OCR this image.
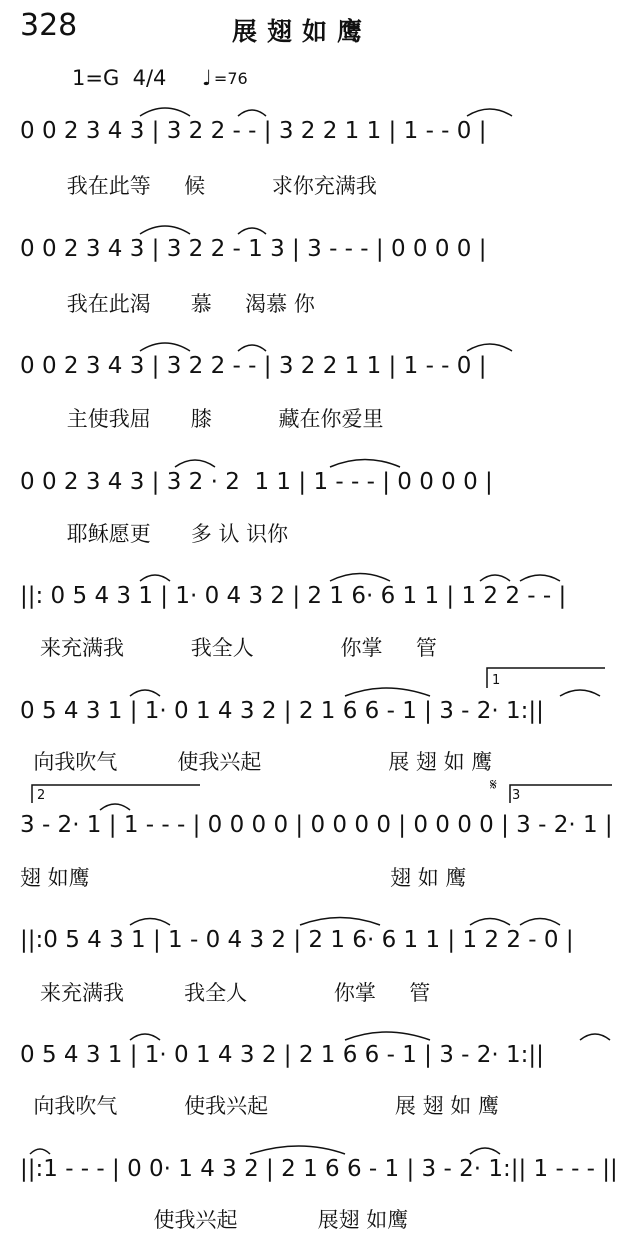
328	展翅如鹰
1=G  4/4 ♩ =76
0 0 2 3 4 3 | 3 2 2 - - | 3 2 2 1 1 | 1 - - 0 |
我在此等     候          求你充满我
0 0 2 3 4 3 | 3 2 2 - 1 3 | 3 - - - | 0 0 0 0 |
我在此渴      慕     渴慕 你
0 0 2 3 4 3 | 3 2 2 - - | 3 2 2 1 1 | 1 - - 0 |
主使我屈      膝          藏在你爱里
0 0 2 3 4 3 | 3 2 · 2  1 1 | 1 - - - | 0 0 0 0 |
耶稣愿更      多 认 识你
||: 0 5 4 3 1 | 1· 0 4 3 2 | 2 1 6· 6 1 1 | 1 2 2 - - |
来充满我          我全人             你掌     管
0 5 4 3 1 | 1· 0 1 4 3 2 | 2 1 6 6 - 1 | 3 - 2· 1:||
向我吹气         使我兴起                   展 翅 如 鹰
3 - 2· 1 | 1 - - - | 0 0 0 0 | 0 0 0 0 | 0 0 0 0 | 3 - 2· 1 |
翅 如鹰                                             翅 如 鹰
||:0 5 4 3 1 | 1 - 0 4 3 2 | 2 1 6· 6 1 1 | 1 2 2 - 0 |
来充满我         我全人             你掌     管
0 5 4 3 1 | 1· 0 1 4 3 2 | 2 1 6 6 - 1 | 3 - 2· 1:||
向我吹气          使我兴起                   展 翅 如 鹰
||:1 - - - | 0 0· 1 4 3 2 | 2 1 6 6 - 1 | 3 - 2· 1:|| 1 - - - ||
使我兴起            展翅 如鹰
1
2	3
𝄋
